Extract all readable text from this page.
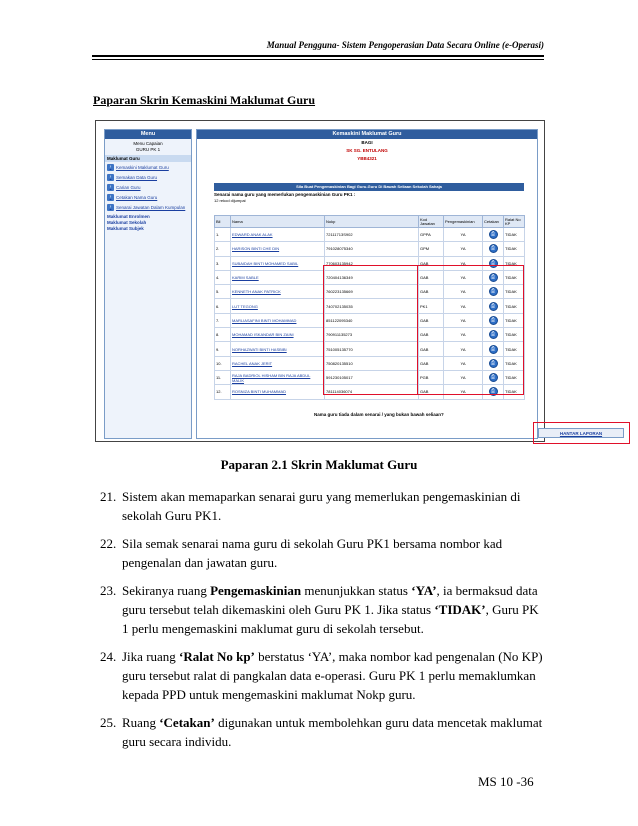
Manual Pengguna- Sistem Pengoperasian Data Secara Online (e-Operasi)
Paparan Skrin Kemaskini Maklumat Guru
Menu
Menu Capaian
GURU PK 1
Maklumat Guru
›	Kemaskini Maklumat Guru
›	Semakan Data Guru
›	Carian Guru
›	Cetakan Nama Guru
›	Senarai Jawatan Dalam Kumpulan
Maklumat Enrolmen
Maklumat Sekolah
Maklumat Subjek
Kemaskini Maklumat Guru
BAGI
SK SG. ENTULANG
YBB4321
Sila Buat Pengemaskinian Bagi Guru-Guru Di Bawah Seliaan Sekolah Sahaja
Senarai nama guru yang memerlukan pengemaskinian Guru PK1 :
12 rekod dijumpai
Bil	Nama	Nokp	Kod Jawatan	Pengemaskinian	Cetakan	Ralat No KP
1.	EDWARD ANAK ALAK	72111713S902	GPPA	YA	⎙	TIDAK
2.	HARISON BINTI CHE DIN	791028075340	GPM	YA	⎙	TIDAK
3.	SUBAIDAH BINTI MOHAMED SABIL	770603135942	GAB	YA	⎙	TIDAK
4.	KARIM SABLE	720404136349	GAB	YA	⎙	TIDAK
5.	KENNETH ANAK PATRICK	760223135669	GAB	YA	⎙	TIDAK
6.	LUT TEGONG	740702135035	PK1	YA	⎙	TIDAK
7.	MARLIASAFINI BINTI MOHAMMAD	851122095340	GAB	YA	⎙	TIDAK
8.	MOHAMAD ISKANDAR BIN ZAINI	790911135273	GAB	YA	⎙	TIDAK
9.	NORHAZWATI BINTI HASBIBI	751005135770	GAB	YA	⎙	TIDAK
10.	RACHEL ANAK JERIT	750820135510	GAB	YA	⎙	TIDAK
11.	RAJA BADRIOL HISHAM BIN RAJA ABDUL MALIK	591230105017	PGB	YA	⎙	TIDAK
12.	ROSNIZA BINTI MUHAMMAD	781114036074	GAB	YA	⎙	TIDAK
Nama guru tiada dalam senarai / yang bukan bawah seliaan?
HANTAR LAPORAN
Paparan 2.1 Skrin Maklumat Guru
21. Sistem akan memaparkan senarai guru yang memerlukan pengemaskinian di sekolah Guru PK1.
22. Sila semak senarai nama guru di sekolah Guru PK1 bersama nombor kad pengenalan dan jawatan guru.
23. Sekiranya ruang Pengemaskinian menunjukkan status ‘YA’, ia bermaksud data guru tersebut telah dikemaskini oleh Guru PK 1. Jika status ‘TIDAK’, Guru PK 1 perlu mengemaskini maklumat guru di sekolah tersebut.
24. Jika ruang ‘Ralat No kp’ berstatus ‘YA’, maka nombor kad pengenalan (No KP) guru tersebut ralat di pangkalan data e-operasi. Guru PK 1 perlu memaklumkan kepada PPD untuk mengemaskini maklumat Nokp guru.
25. Ruang ‘Cetakan’ digunakan untuk membolehkan guru data mencetak maklumat guru secara individu.
MS 10 -36
